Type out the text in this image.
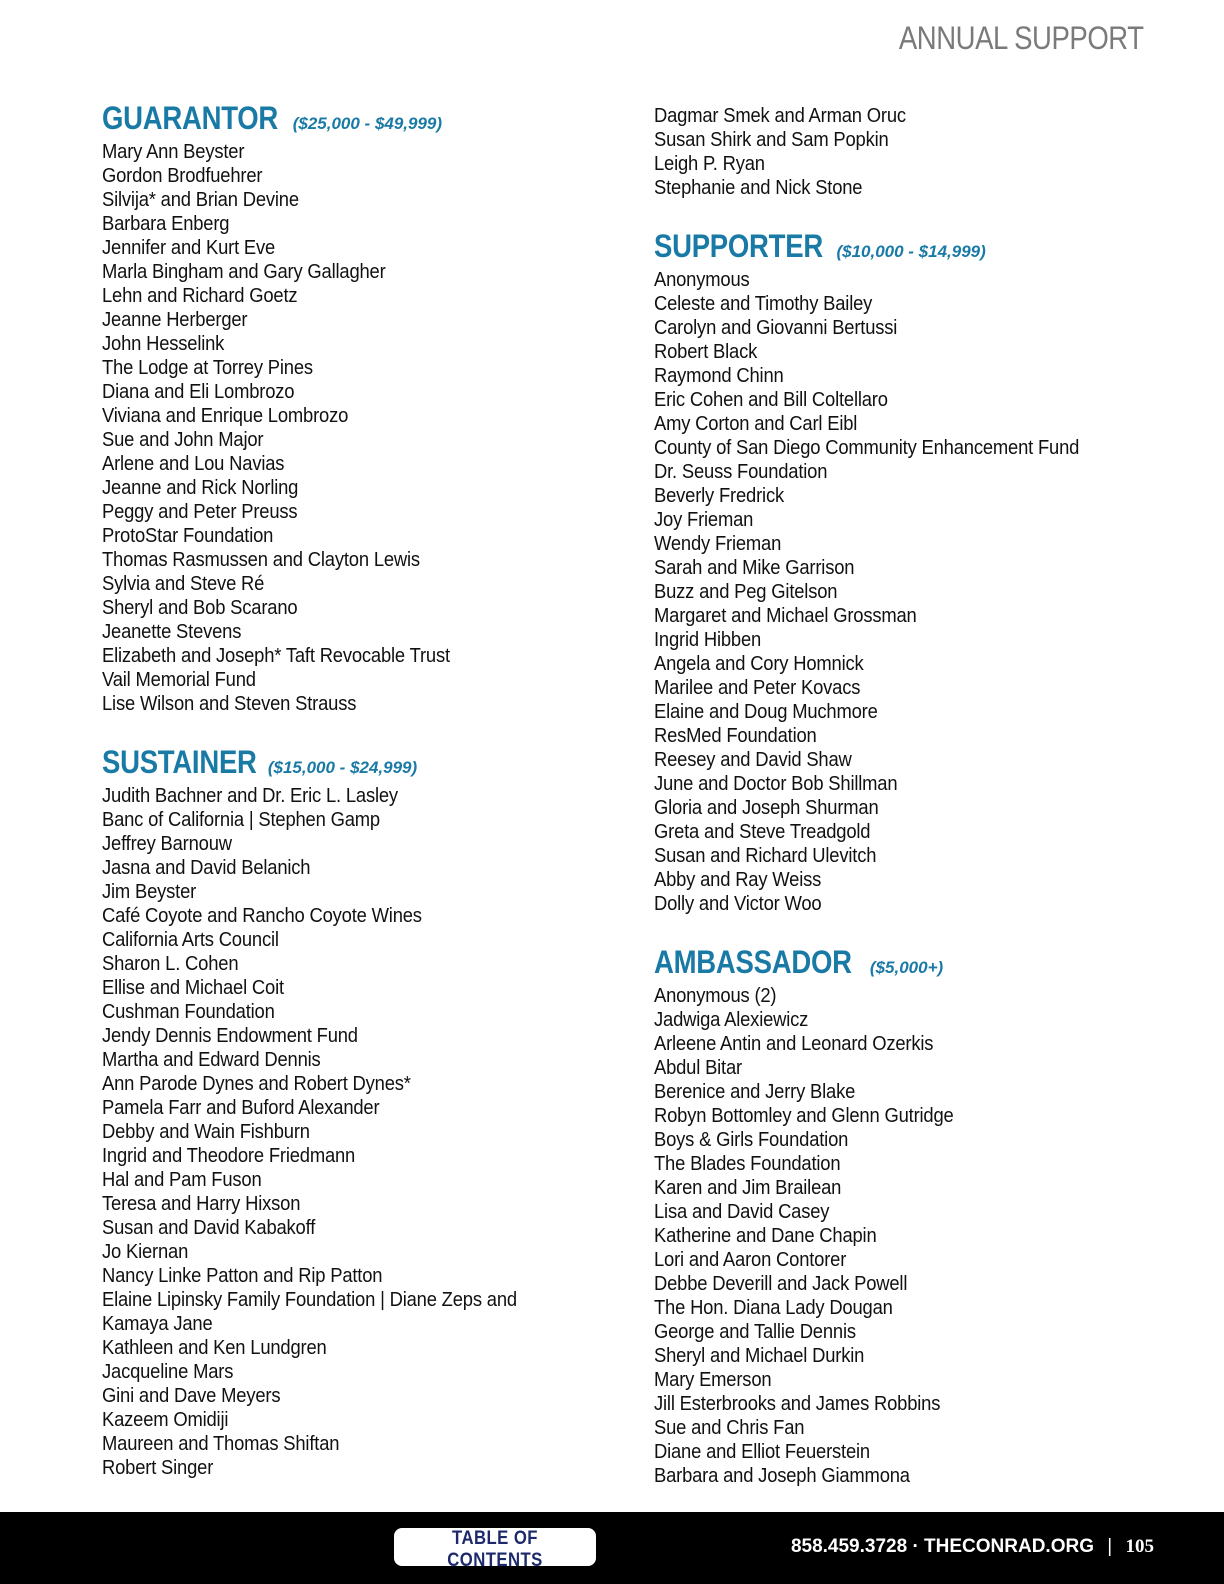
ANNUAL SUPPORT
GUARANTOR ($25,000 - $49,999)
Mary Ann Beyster
Gordon Brodfuehrer
Silvija* and Brian Devine
Barbara Enberg
Jennifer and Kurt Eve
Marla Bingham and Gary Gallagher
Lehn and Richard Goetz
Jeanne Herberger
John Hesselink
The Lodge at Torrey Pines
Diana and Eli Lombrozo
Viviana and Enrique Lombrozo
Sue and John Major
Arlene and Lou Navias
Jeanne and Rick Norling
Peggy and Peter Preuss
ProtoStar Foundation
Thomas Rasmussen and Clayton Lewis
Sylvia and Steve Ré
Sheryl and Bob Scarano
Jeanette Stevens
Elizabeth and Joseph* Taft Revocable Trust
Vail Memorial Fund
Lise Wilson and Steven Strauss
SUSTAINER ($15,000 - $24,999)
Judith Bachner and Dr. Eric L. Lasley
Banc of California | Stephen Gamp
Jeffrey Barnouw
Jasna and David Belanich
Jim Beyster
Café Coyote and Rancho Coyote Wines
California Arts Council
Sharon L. Cohen
Ellise and Michael Coit
Cushman Foundation
Jendy Dennis Endowment Fund
Martha and Edward Dennis
Ann Parode Dynes and Robert Dynes*
Pamela Farr and Buford Alexander
Debby and Wain Fishburn
Ingrid and Theodore Friedmann
Hal and Pam Fuson
Teresa and Harry Hixson
Susan and David Kabakoff
Jo Kiernan
Nancy Linke Patton and Rip Patton
Elaine Lipinsky Family Foundation | Diane Zeps and Kamaya Jane
Kathleen and Ken Lundgren
Jacqueline Mars
Gini and Dave Meyers
Kazeem Omidiji
Maureen and Thomas Shiftan
Robert Singer
Dagmar Smek and Arman Oruc
Susan Shirk and Sam Popkin
Leigh P. Ryan
Stephanie and Nick Stone
SUPPORTER ($10,000 - $14,999)
Anonymous
Celeste and Timothy Bailey
Carolyn and Giovanni Bertussi
Robert Black
Raymond Chinn
Eric Cohen and Bill Coltellaro
Amy Corton and Carl Eibl
County of San Diego Community Enhancement Fund
Dr. Seuss Foundation
Beverly Fredrick
Joy Frieman
Wendy Frieman
Sarah and Mike Garrison
Buzz and Peg Gitelson
Margaret and Michael Grossman
Ingrid Hibben
Angela and Cory Homnick
Marilee and Peter Kovacs
Elaine and Doug Muchmore
ResMed Foundation
Reesey and David Shaw
June and Doctor Bob Shillman
Gloria and Joseph Shurman
Greta and Steve Treadgold
Susan and Richard Ulevitch
Abby and Ray Weiss
Dolly and Victor Woo
AMBASSADOR ($5,000+)
Anonymous (2)
Jadwiga Alexiewicz
Arleene Antin and Leonard Ozerkis
Abdul Bitar
Berenice and Jerry Blake
Robyn Bottomley and Glenn Gutridge
Boys & Girls Foundation
The Blades Foundation
Karen and Jim Brailean
Lisa and David Casey
Katherine and Dane Chapin
Lori and Aaron Contorer
Debbe Deverill and Jack Powell
The Hon. Diana Lady Dougan
George and Tallie Dennis
Sheryl and Michael Durkin
Mary Emerson
Jill Esterbrooks and James Robbins
Sue and Chris Fan
Diane and Elliot Feuerstein
Barbara and Joseph Giammona
TABLE OF CONTENTS
858.459.3728 · THECONRAD.ORG | 105
